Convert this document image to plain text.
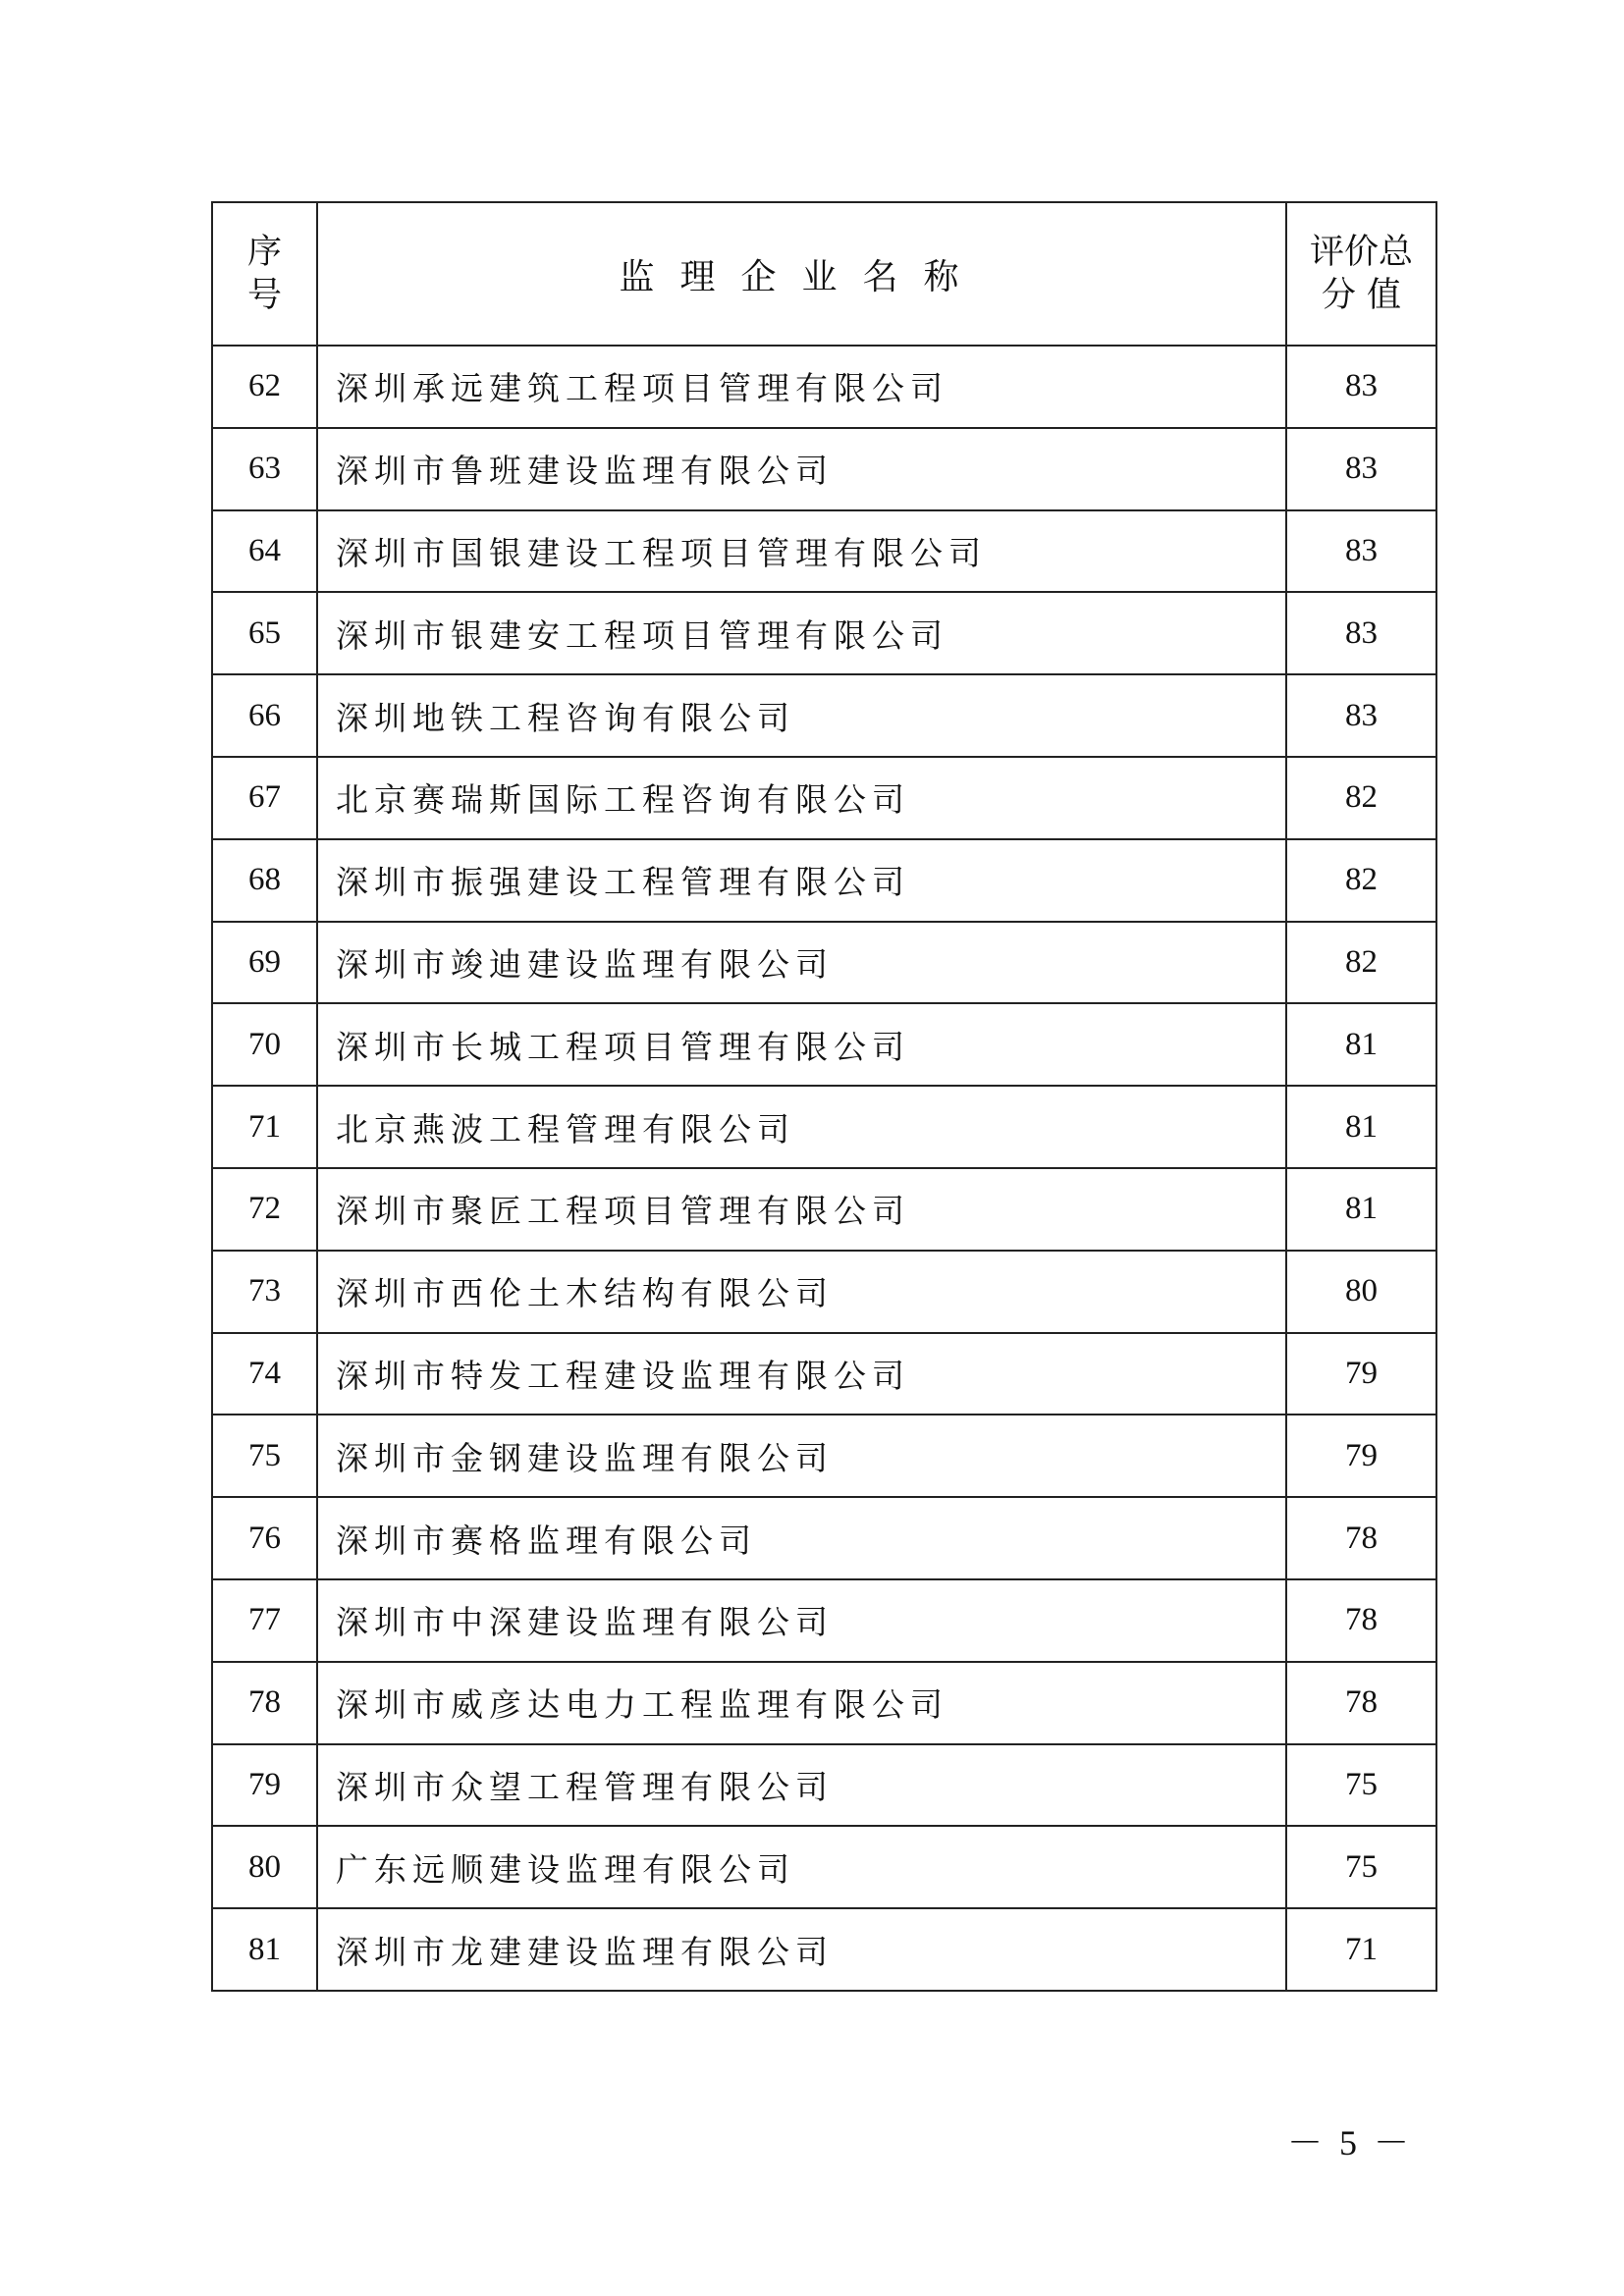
序
号	监理企业名称	评价总
分 值

62	深圳承远建筑工程项目管理有限公司	83
63	深圳市鲁班建设监理有限公司	83
64	深圳市国银建设工程项目管理有限公司	83
65	深圳市银建安工程项目管理有限公司	83
66	深圳地铁工程咨询有限公司	83
67	北京赛瑞斯国际工程咨询有限公司	82
68	深圳市振强建设工程管理有限公司	82
69	深圳市竣迪建设监理有限公司	82
70	深圳市长城工程项目管理有限公司	81
71	北京燕波工程管理有限公司	81
72	深圳市聚匠工程项目管理有限公司	81
73	深圳市西伦土木结构有限公司	80
74	深圳市特发工程建设监理有限公司	79
75	深圳市金钢建设监理有限公司	79
76	深圳市赛格监理有限公司	78
77	深圳市中深建设监理有限公司	78
78	深圳市威彦达电力工程监理有限公司	78
79	深圳市众望工程管理有限公司	75
80	广东远顺建设监理有限公司	75
81	深圳市龙建建设监理有限公司	71
－ 5 －
